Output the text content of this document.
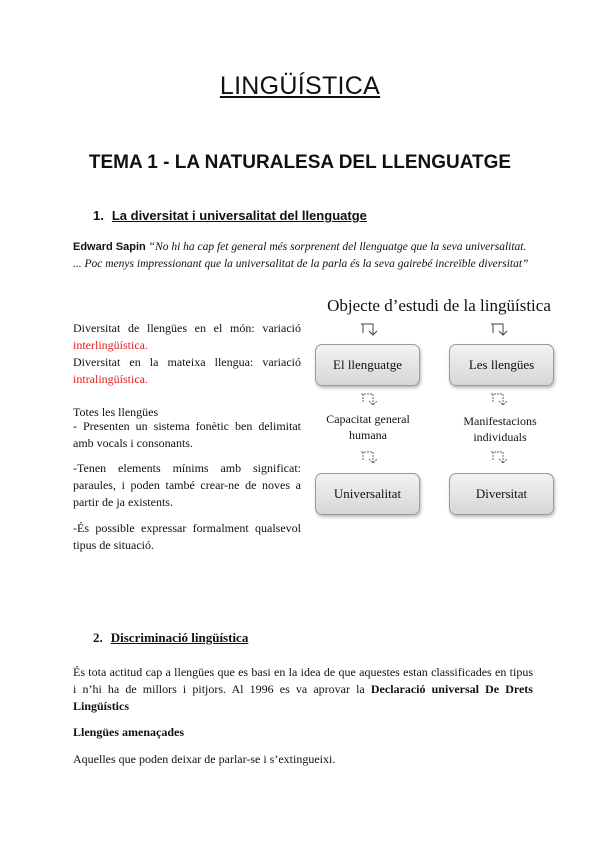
LINGÜÍSTICA
TEMA 1 - LA NATURALESA DEL LLENGUATGE
1. La diversitat i universalitat del llenguatge
Edward Sapin “No hi ha cap fet general més sorprenent del llenguatge que la seva universalitat. ... Poc menys impressionant que la universalitat de la parla és la seva gairebé increïble diversitat”
Diversitat de llengües en el món: variació interlingüística.
Diversitat en la mateixa llengua: variació intralingüística.
Totes les llengües
- Presenten un sistema fonètic ben delimitat amb vocals i consonants.
-Tenen elements mínims amb significat: paraules, i poden també crear-ne de noves a partir de ja existents.
-És possible expressar formalment qualsevol tipus de situació.
Objecte d’estudi de la lingüística
El llenguatge	Les llengües
Capacitat general humana
Manifestacions individuals
Universalitat	Diversitat
2. Discriminació lingüística
És tota actitud cap a llengües que es basi en la idea de que aquestes estan classificades en tipus i n’hi ha de millors i pitjors. Al 1996 es va aprovar la Declaració universal De Drets Lingüístics
Llengües amenaçades
Aquelles que poden deixar de parlar-se i s’extingueixi.
